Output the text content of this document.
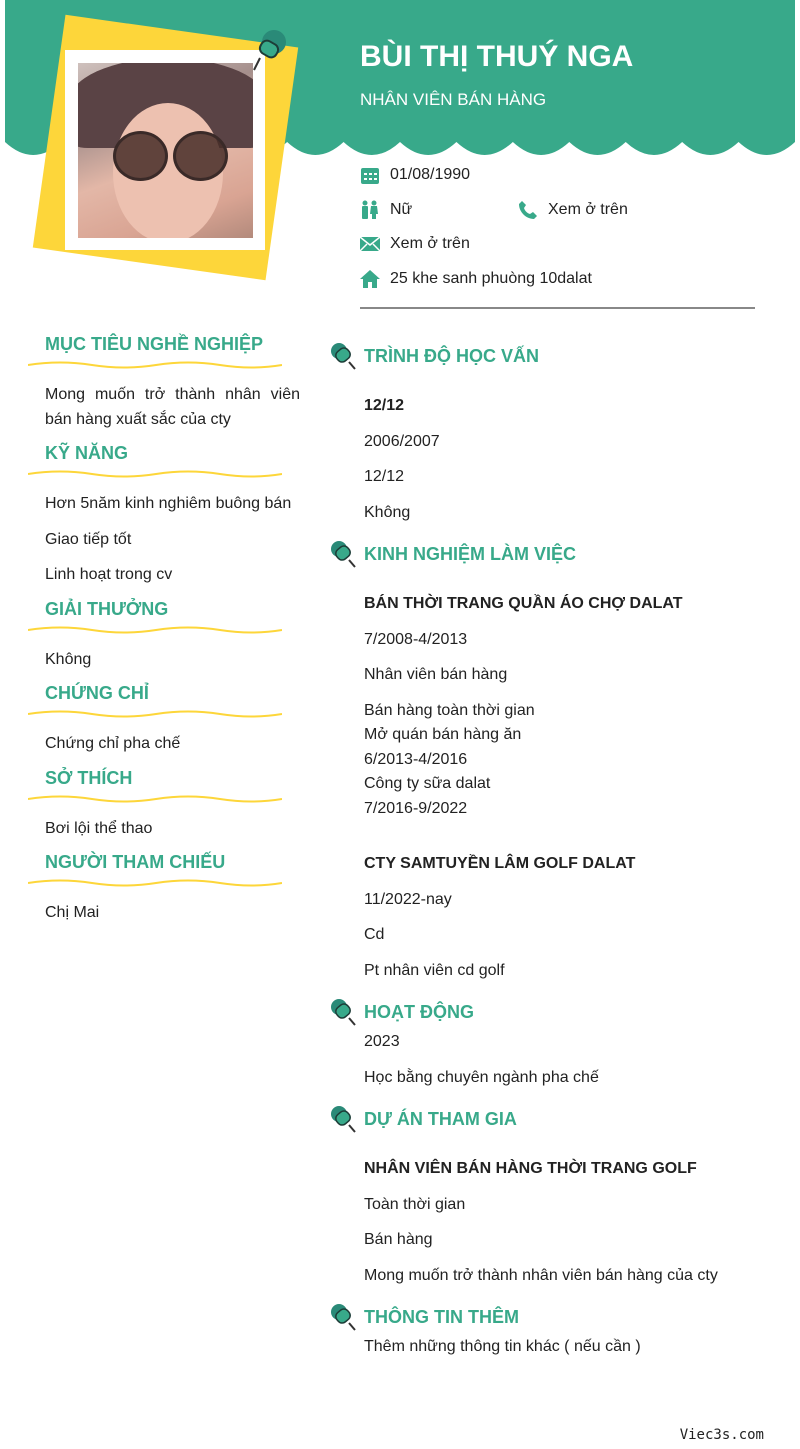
BÙI THỊ THUÝ NGA
NHÂN VIÊN BÁN HÀNG
01/08/1990
Nữ	Xem ở trên
Xem ở trên
25 khe sanh phuòng 10dalat
MỤC TIÊU NGHỀ NGHIỆP
Mong muốn trở thành nhân viên bán hàng xuất sắc của cty
KỸ NĂNG
Hơn 5năm kinh nghiêm buông bán
Giao tiếp tốt
Linh hoạt trong cv
GIẢI THƯỞNG
Không
CHỨNG CHỈ
Chứng chỉ pha chế
SỞ THÍCH
Bơi lội thể thao
NGƯỜI THAM CHIẾU
Chị Mai
TRÌNH ĐỘ HỌC VẤN
12/12
2006/2007
12/12
Không
KINH NGHIỆM LÀM VIỆC
BÁN THỜI TRANG QUẦN ÁO CHỢ DALAT
7/2008-4/2013
Nhân viên bán hàng
Bán hàng toàn thời gian
Mở quán bán hàng ăn
6/2013-4/2016
Công ty sữa dalat
7/2016-9/2022
CTY SAMTUYỀN LÂM GOLF DALAT
11/2022-nay
Cd
Pt nhân viên cd golf
HOẠT ĐỘNG
2023
Học bằng chuyên ngành pha chế
DỰ ÁN THAM GIA
NHÂN VIÊN BÁN HÀNG THỜI TRANG GOLF
Toàn thời gian
Bán hàng
Mong muốn trở thành nhân viên bán hàng của cty
THÔNG TIN THÊM
Thêm những thông tin khác ( nếu cần )
Viec3s.com
